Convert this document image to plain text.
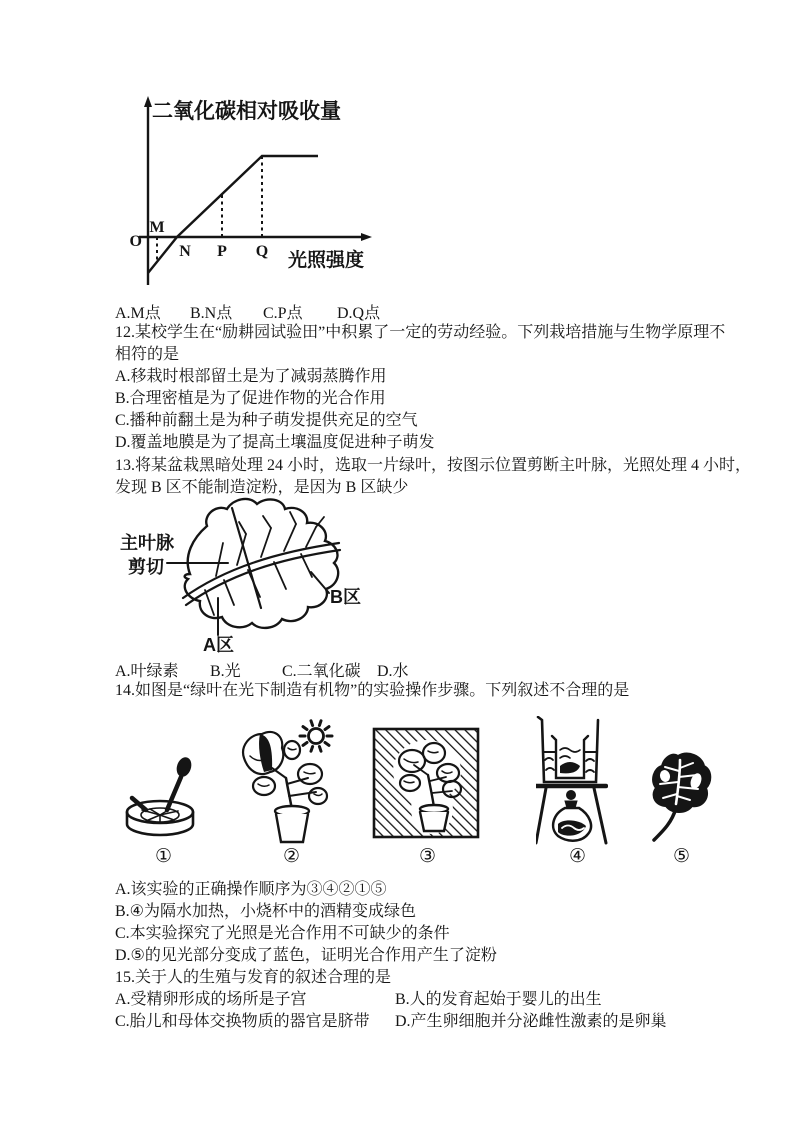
二氧化碳相对吸收量
光照强度
O
M
N P Q
A.M点 B.N点 C.P点 D.Q点
12.某校学生在“励耕园试验田”中积累了一定的劳动经验。下列栽培措施与生物学原理不
相符的是
A.移栽时根部留土是为了减弱蒸腾作用
B.合理密植是为了促进作物的光合作用
C.播种前翻土是为种子萌发提供充足的空气
D.覆盖地膜是为了提高土壤温度促进种子萌发
13.将某盆栽黑暗处理 24 小时，选取一片绿叶，按图示位置剪断主叶脉，光照处理 4 小时，
发现 B 区不能制造淀粉，是因为 B 区缺少
主叶脉
剪切
B区
A区
A.叶绿素 B.光	C.二氧化碳 D.水
14.如图是“绿叶在光下制造有机物”的实验操作步骤。下列叙述不合理的是
①	②	③	④	⑤
A.该实验的正确操作顺序为③④②①⑤
B.④为隔水加热，小烧杯中的酒精变成绿色
C.本实验探究了光照是光合作用不可缺少的条件
D.⑤的见光部分变成了蓝色，证明光合作用产生了淀粉
15.关于人的生殖与发育的叙述合理的是
A.受精卵形成的场所是子宫	B.人的发育起始于婴儿的出生
C.胎儿和母体交换物质的器官是脐带 D.产生卵细胞并分泌雌性激素的是卵巢
